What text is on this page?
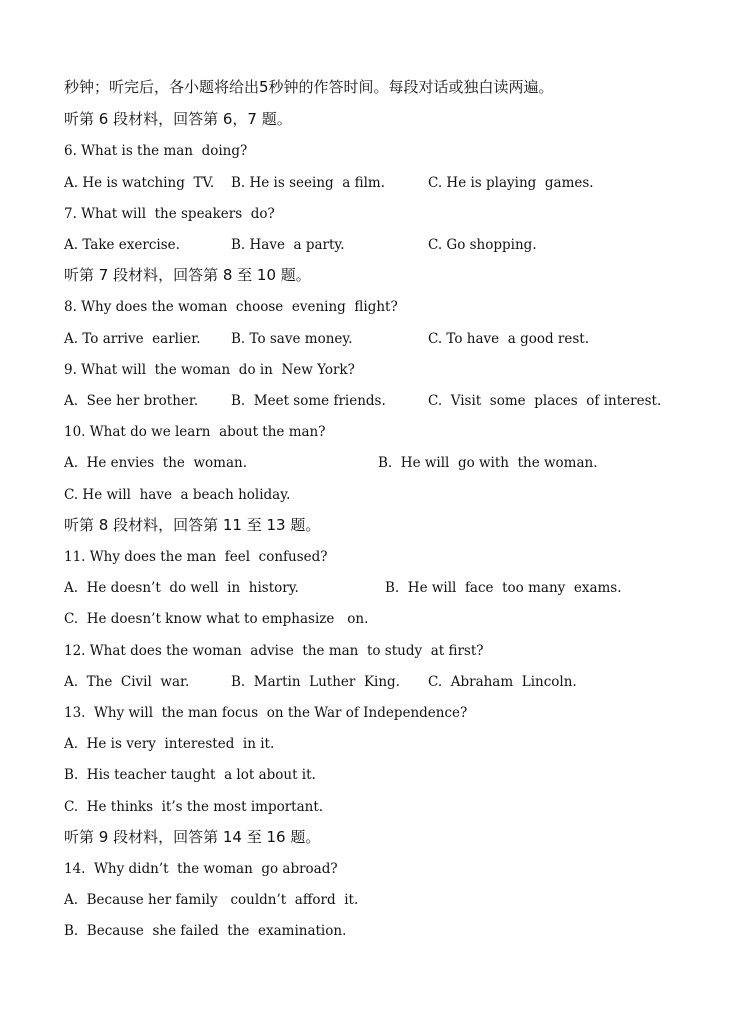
秒钟；听完后，各小题将给出5秒钟的作答时间。每段对话或独白读两遍。
听第 6 段材料，回答第 6，7 题。
6. What is the man  doing?
A. He is watching  TV. B. He is seeing  a film.	C. He is playing  games.
7. What will  the speakers  do?
A. Take exercise.	B. Have  a party.	C. Go shopping.
听第 7 段材料，回答第 8 至 10 题。
8. Why does the woman  choose  evening  flight?
A. To arrive  earlier. B. To save money.	C. To have  a good rest.
9. What will  the woman  do in  New York?
A.  See her brother. B.  Meet some friends.	C.  Visit  some  places  of interest.
10. What do we learn  about the man?
A.  He envies  the  woman.	B.  He will  go with  the woman.
C. He will  have  a beach holiday.
听第 8 段材料，回答第 11 至 13 题。
11. Why does the man  feel  confused?
A.  He doesn’t  do well  in  history.	B.  He will  face  too many  exams.
C.  He doesn’t know what to emphasize   on.
12. What does the woman  advise  the man  to study  at first?
A.  The  Civil  war.	B.  Martin  Luther  King. C.  Abraham  Lincoln.
13.  Why will  the man focus  on the War of Independence?
A.  He is very  interested  in it.
B.  His teacher taught  a lot about it.
C.  He thinks  it’s the most important.
听第 9 段材料，回答第 14 至 16 题。
14.  Why didn’t  the woman  go abroad?
A.  Because her family   couldn’t  afford  it.
B.  Because  she failed  the  examination.
